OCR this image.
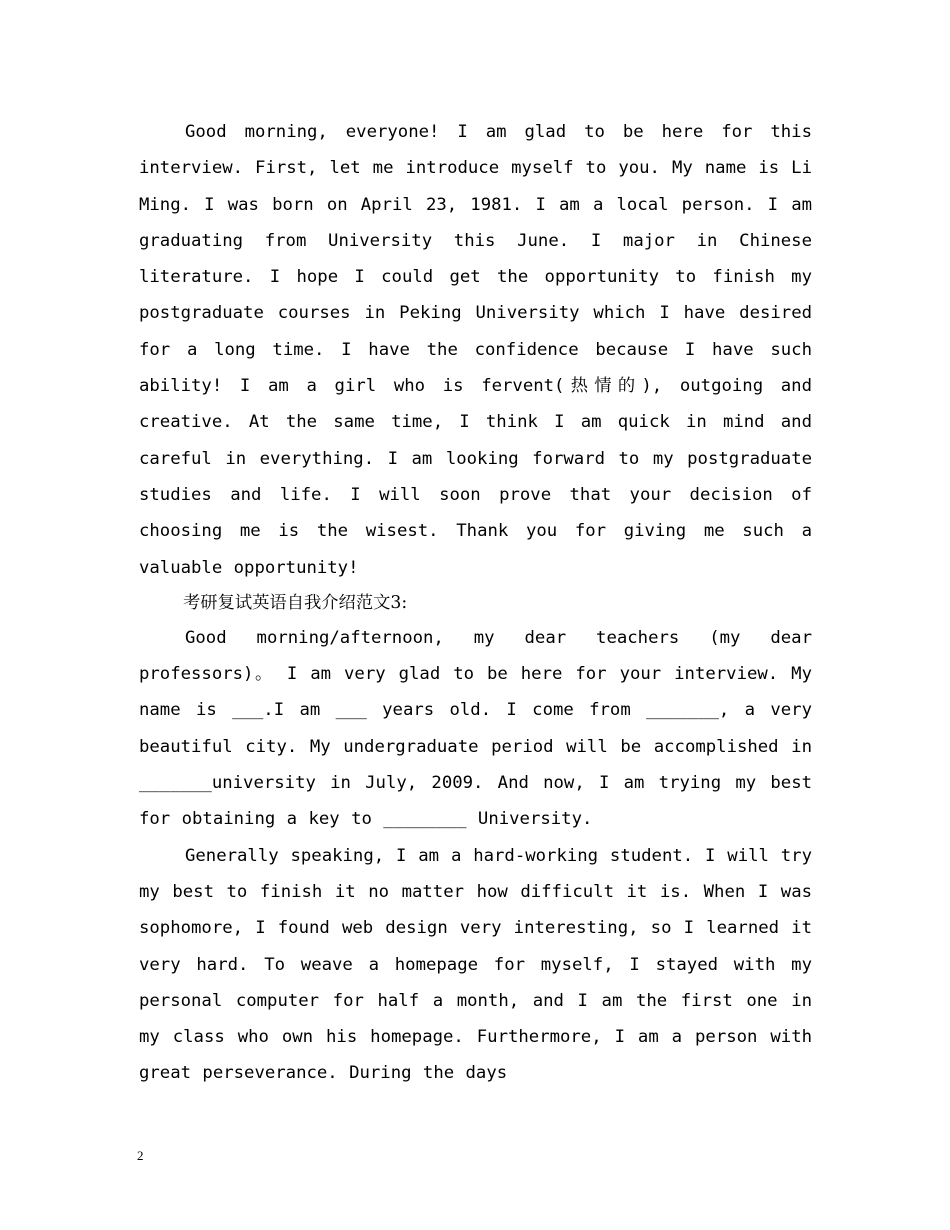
Good morning, everyone! I am glad to be here for this interview. First, let me introduce myself to you. My name is Li Ming. I was born on April 23, 1981. I am a local person. I am graduating from University this June. I major in Chinese literature. I hope I could get the opportunity to finish my postgraduate courses in Peking University which I have desired for a long time. I have the confidence because I have such ability! I am a girl who is fervent(热情的), outgoing and creative. At the same time, I think I am quick in mind and careful in everything. I am looking forward to my postgraduate studies and life. I will soon prove that your decision of choosing me is the wisest. Thank you for giving me such a valuable opportunity!

考研复试英语自我介绍范文3:

Good morning/afternoon, my dear teachers (my dear professors)。 I am very glad to be here for your interview. My name is ___.I am ___ years old. I come from _______, a very beautiful city. My undergraduate period will be accomplished in _______university in July, 2009. And now, I am trying my best for obtaining a key to ________ University.

Generally speaking, I am a hard-working student. I will try my best to finish it no matter how difficult it is. When I was sophomore, I found web design very interesting, so I learned it very hard. To weave a homepage for myself, I stayed with my personal computer for half a month, and I am the first one in my class who own his homepage. Furthermore, I am a person with great perseverance. During the days

2
